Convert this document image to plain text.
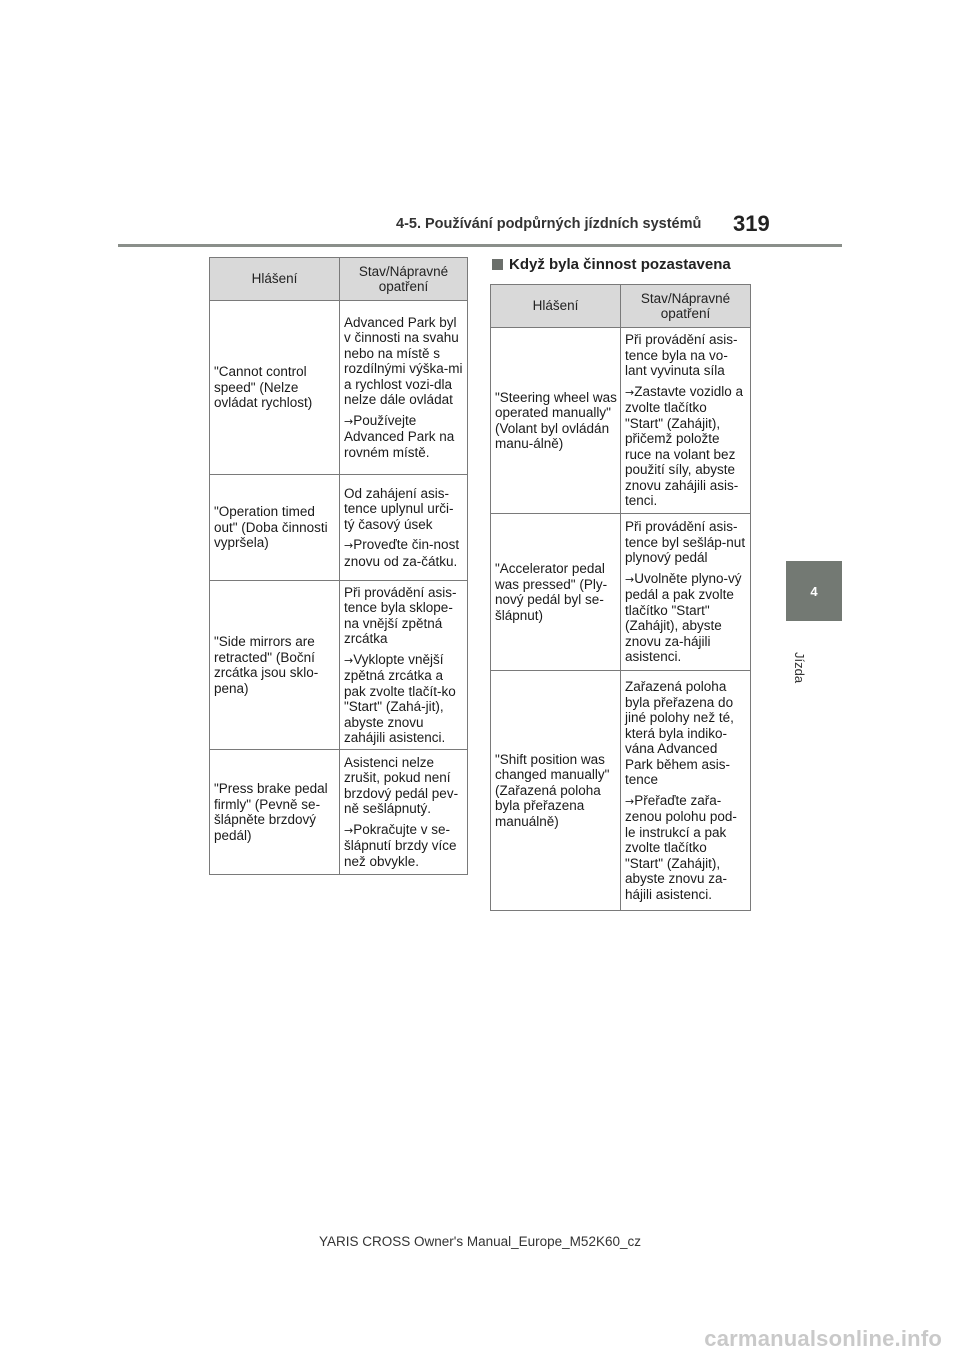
4-5. Používání podpůrných jízdních systémů 319
4
Jízda
Hlášení	Stav/Nápravné opatření
"Cannot control speed" (Nelze ovládat rychlost)	Advanced Park byl v činnosti na svahu nebo na místě s rozdílnými výška-mi a rychlost vozi-dla nelze dále ovládat

→Používejte Advanced Park na rovném místě.

"Operation timed out" (Doba činnosti vypršela)	Od zahájení asis-tence uplynul urči-tý časový úsek

→Proveďte čin-nost znovu od za-čátku.

"Side mirrors are retracted" (Boční zrcátka jsou sklo-pena)	Při provádění asis-tence byla sklope-na vnější zpětná zrcátka

→Vyklopte vnější zpětná zrcátka a pak zvolte tlačít-ko "Start" (Zahá-jit), abyste znovu zahájili asistenci.

"Press brake pedal firmly" (Pevně se-šlápněte brzdový pedál)	Asistenci nelze zrušit, pokud není brzdový pedál pev-ně sešlápnutý.

→Pokračujte v se-šlápnutí brzdy více než obvykle.

Když byla činnost pozastavena
Hlášení	Stav/Nápravné opatření
"Steering wheel was operated manually" (Volant byl ovládán manu-álně)	Při provádění asis-tence byla na vo-lant vyvinuta síla

→Zastavte vozidlo a zvolte tlačítko "Start" (Zahájit), přičemž položte ruce na volant bez použití síly, abyste znovu zahájili asis-tenci.

"Accelerator pedal was pressed" (Ply-nový pedál byl se-šlápnut)	Při provádění asis-tence byl sešláp-nut plynový pedál

→Uvolněte plyno-vý pedál a pak zvolte tlačítko "Start" (Zahájit), abyste znovu za-hájili asistenci.

"Shift position was changed manually" (Zařazená poloha byla přeřazena manuálně)	Zařazená poloha byla přeřazena do jiné polohy než té, která byla indiko-vána Advanced Park během asis-tence

→Přeřaďte zařa-zenou polohu pod-le instrukcí a pak zvolte tlačítko "Start" (Zahájit), abyste znovu za-hájili asistenci.

YARIS CROSS Owner's Manual_Europe_M52K60_cz
carmanualsonline.info
